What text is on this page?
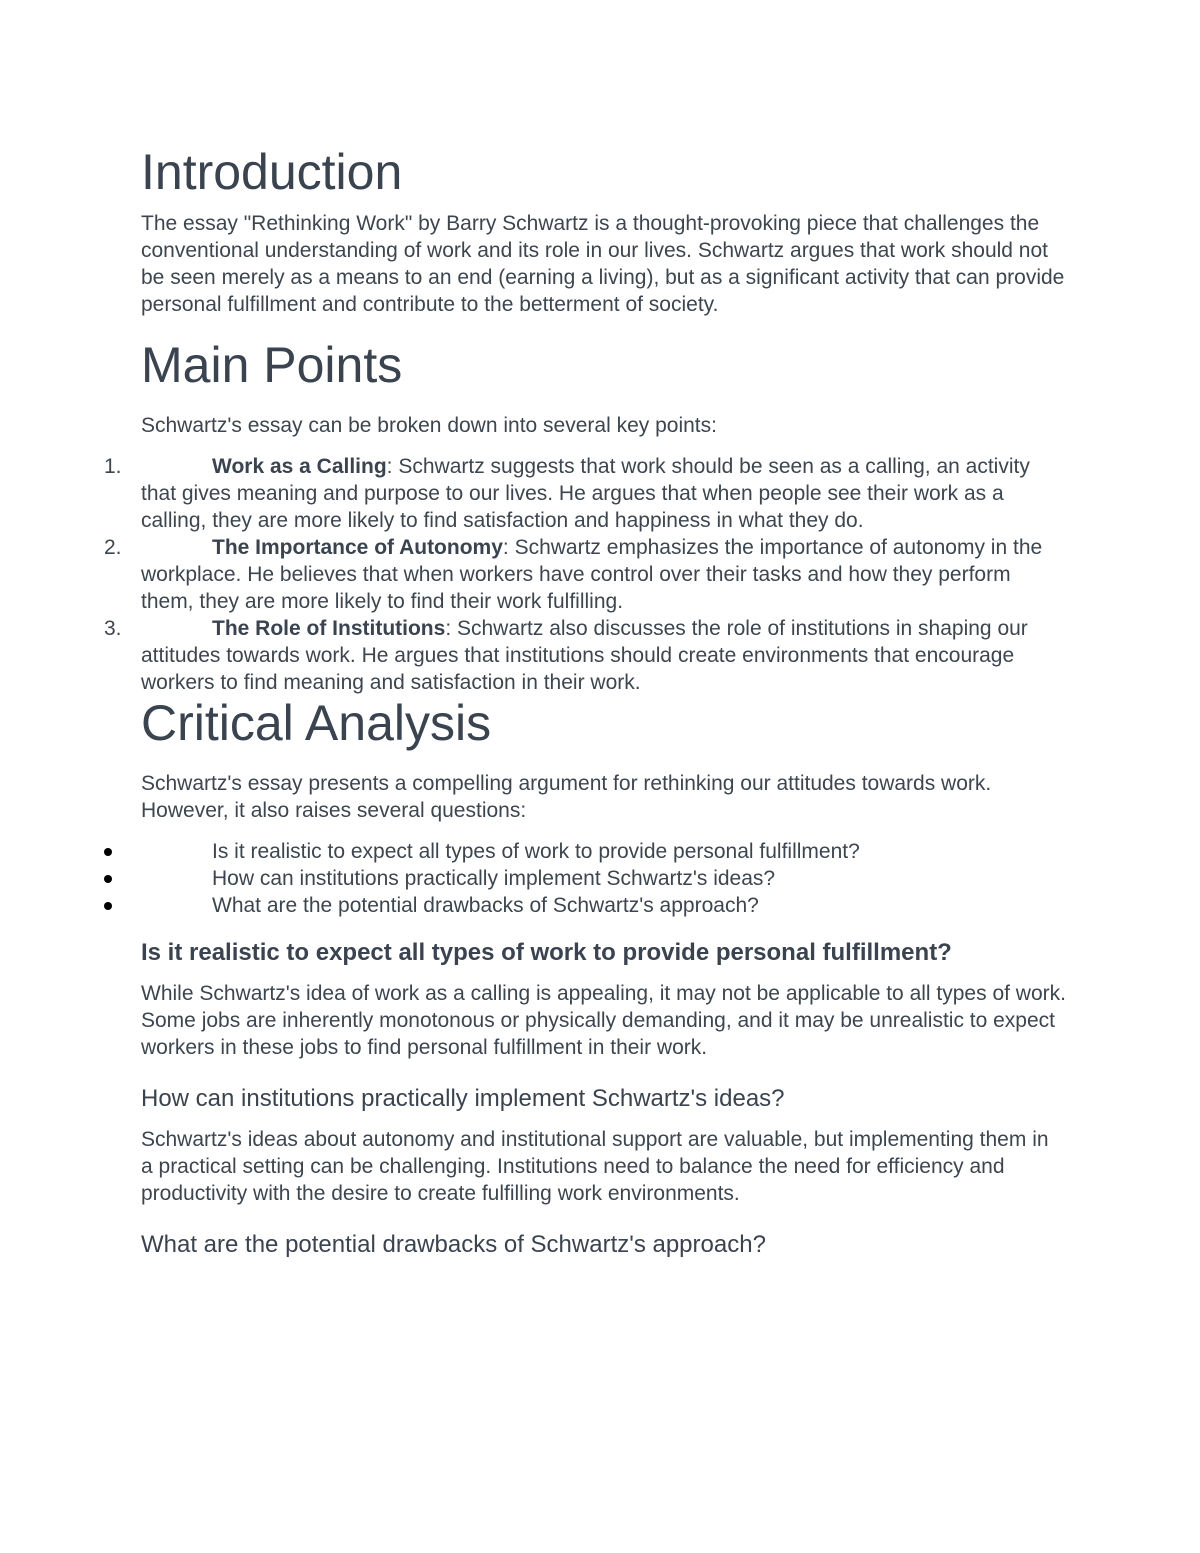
Introduction

The essay "Rethinking Work" by Barry Schwartz is a thought-provoking piece that challenges the conventional understanding of work and its role in our lives. Schwartz argues that work should not be seen merely as a means to an end (earning a living), but as a significant activity that can provide personal fulfillment and contribute to the betterment of society.

Main Points

Schwartz's essay can be broken down into several key points:

1.	Work as a Calling: Schwartz suggests that work should be seen as a calling, an activity that gives meaning and purpose to our lives. He argues that when people see their work as a calling, they are more likely to find satisfaction and happiness in what they do.
2.	The Importance of Autonomy: Schwartz emphasizes the importance of autonomy in the workplace. He believes that when workers have control over their tasks and how they perform them, they are more likely to find their work fulfilling.
3.	The Role of Institutions: Schwartz also discusses the role of institutions in shaping our attitudes towards work. He argues that institutions should create environments that encourage workers to find meaning and satisfaction in their work.
Critical Analysis

Schwartz's essay presents a compelling argument for rethinking our attitudes towards work. However, it also raises several questions:

Is it realistic to expect all types of work to provide personal fulfillment?
How can institutions practically implement Schwartz's ideas?
What are the potential drawbacks of Schwartz's approach?
Is it realistic to expect all types of work to provide personal fulfillment?

While Schwartz's idea of work as a calling is appealing, it may not be applicable to all types of work. Some jobs are inherently monotonous or physically demanding, and it may be unrealistic to expect workers in these jobs to find personal fulfillment in their work.

How can institutions practically implement Schwartz's ideas?

Schwartz's ideas about autonomy and institutional support are valuable, but implementing them in a practical setting can be challenging. Institutions need to balance the need for efficiency and productivity with the desire to create fulfilling work environments.

What are the potential drawbacks of Schwartz's approach?
